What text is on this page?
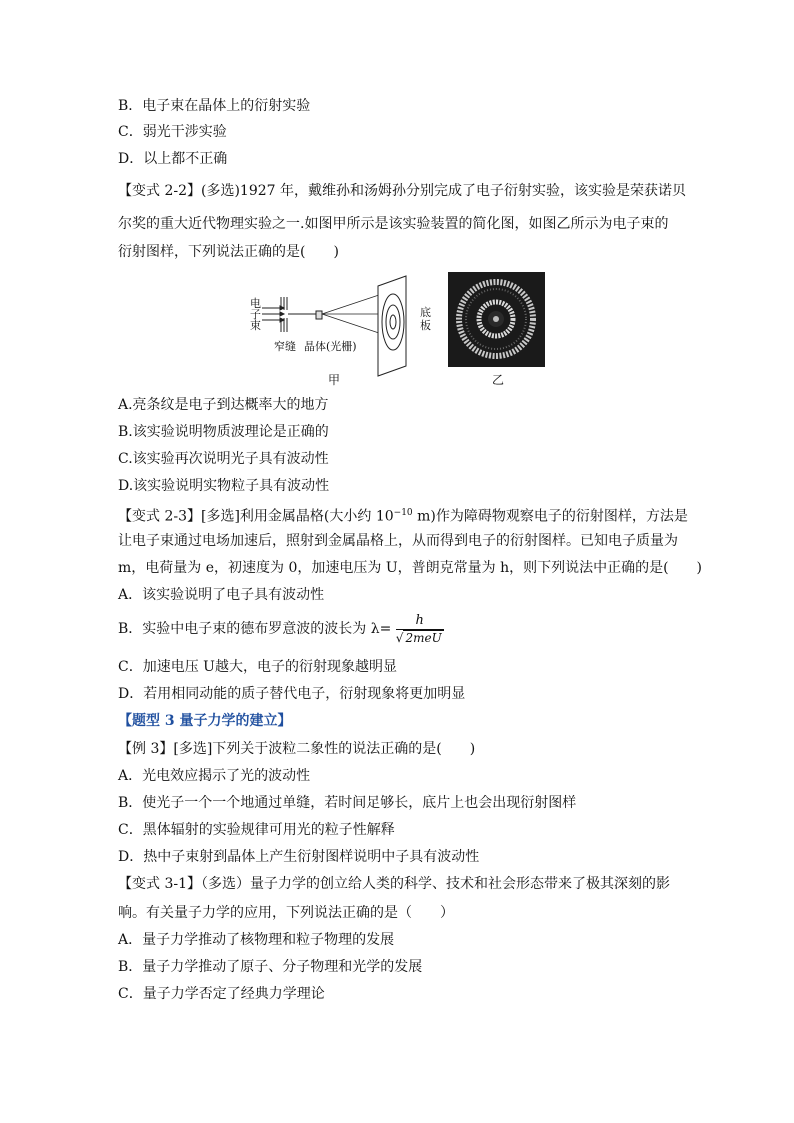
B．电子束在晶体上的衍射实验
C．弱光干涉实验
D．以上都不正确
【变式 2-2】(多选)1927 年，戴维孙和汤姆孙分别完成了电子衍射实验，该实验是荣获诺贝
尔奖的重大近代物理实验之一.如图甲所示是该实验装置的简化图，如图乙所示为电子束的
衍射图样，下列说法正确的是(　　)
电
子
束
窄缝 晶体(光栅)
底
板
甲	乙
A.亮条纹是电子到达概率大的地方
B.该实验说明物质波理论是正确的
C.该实验再次说明光子具有波动性
D.该实验说明实物粒子具有波动性
【变式 2-3】[多选]利用金属晶格(大小约 $10^{-10}$ m)作为障碍物观察电子的衍射图样，方法是
让电子束通过电场加速后，照射到金属晶格上，从而得到电子的衍射图样。已知电子质量为
m，电荷量为 e，初速度为 0，加速电压为 U，普朗克常量为 h，则下列说法中正确的是(　　)
A．该实验说明了电子具有波动性
B．实验中电子束的德布罗意波的波长为 $\lambda= \frac{h}{\text{√ 2meU}}$
C．加速电压 U越大，电子的衍射现象越明显
D．若用相同动能的质子替代电子，衍射现象将更加明显
【题型 3 量子力学的建立】
【例 3】[多选]下列关于波粒二象性的说法正确的是(　　)
A．光电效应揭示了光的波动性
B．使光子一个一个地通过单缝，若时间足够长，底片上也会出现衍射图样
C．黑体辐射的实验规律可用光的粒子性解释
D．热中子束射到晶体上产生衍射图样说明中子具有波动性
【变式 3-1】（多选）量子力学的创立给人类的科学、技术和社会形态带来了极其深刻的影
响。有关量子力学的应用，下列说法正确的是（　　）
A．量子力学推动了核物理和粒子物理的发展
B．量子力学推动了原子、分子物理和光学的发展
C．量子力学否定了经典力学理论
